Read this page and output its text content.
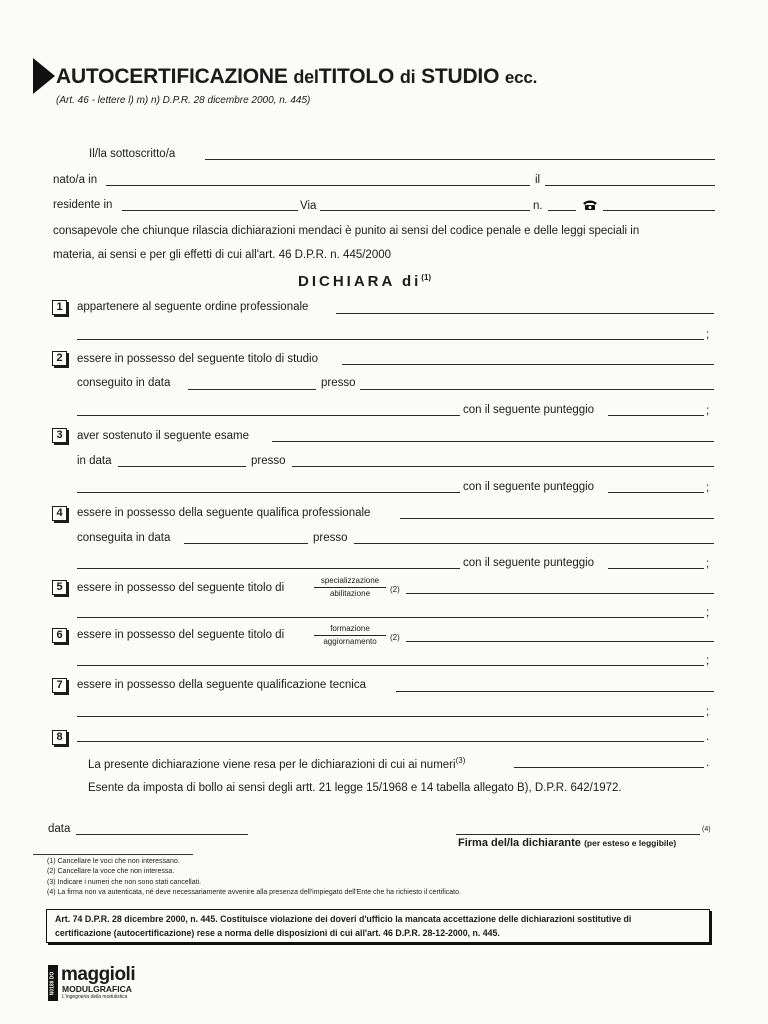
AUTOCERTIFICAZIONE delTITOLO di STUDIO ecc.
(Art. 46 - lettere l) m) n) D.P.R. 28 dicembre 2000, n. 445)
Il/la sottoscritto/a
nato/a in	il
residente in	Via	n.
consapevole che chiunque rilascia dichiarazioni mendaci è punito ai sensi del codice penale e delle leggi speciali in
materia, ai sensi e per gli effetti di cui all'art. 46 D.P.R. n. 445/2000
DICHIARA $di^{(1)}$
1	appartenere al seguente ordine professionale
;
2	essere in possesso del seguente titolo di studio
conseguito in data	presso
con il seguente punteggio	;
3	aver sostenuto il seguente esame
in data	presso
con il seguente punteggio	;
4	essere in possesso della seguente qualifica professionale
conseguita in data	presso
con il seguente punteggio	;
5	essere in possesso del seguente titolo di
specializzazione
abilitazione	(2)
;
6	essere in possesso del seguente titolo di
formazione
aggiornamento	(2)
;
7	essere in possesso della seguente qualificazione tecnica
;
8	.
La presente dichiarazione viene resa per le dichiarazioni di cui ai numeri$^{(3)}$	.
Esente da imposta di bollo ai sensi degli artt. 21 legge 15/1968 e 14 tabella allegato B), D.P.R. 642/1972.
data	(4)
Firma del/la dichiarante (per esteso e leggibile)
(1) Cancellare le voci che non interessano.
(2) Cancellare la voce che non interessa.
(3) Indicare i numeri che non sono stati cancellati.
(4) La firma non va autenticata, né deve necessariamente avvenire alla presenza dell'impiegato dell'Ente che ha richiesto il certificato.
Art. 74 D.P.R. 28 dicembre 2000, n. 445. Costituisce violazione dei doveri d'ufficio la mancata accettazione delle dichiarazioni sostitutive di
certificazione (autocertificazione) rese a norma delle disposizioni di cui all'art. 46 D.P.R. 28-12-2000, n. 445.
N0188 DO maggioli
MODULGRAFICA
L'ingegneria della modulistica
